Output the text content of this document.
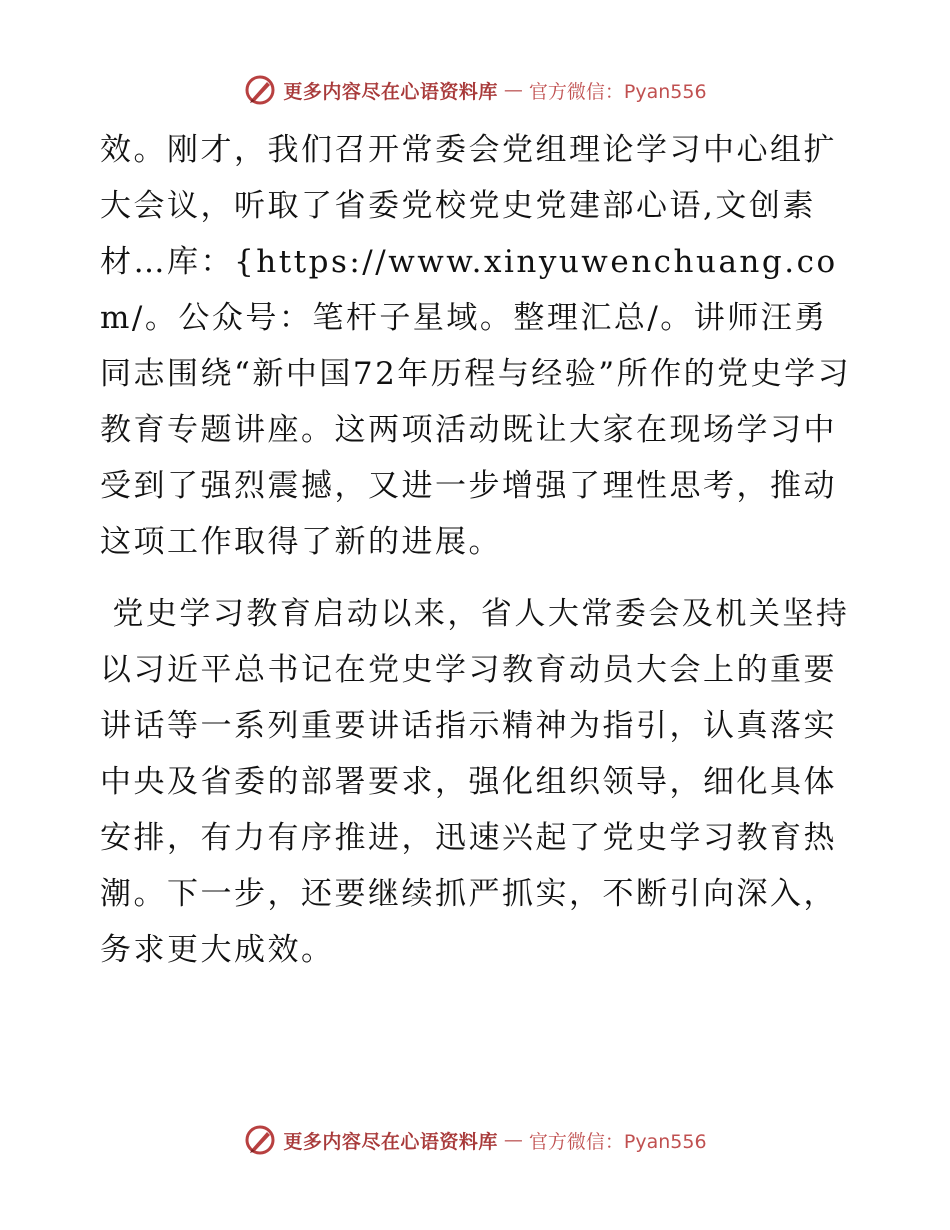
更多内容尽在心语资料库 — 官方微信：Pyan556

效。刚才，我们召开常委会党组理论学习中心组扩大会议，听取了省委党校党史党建部心语,文创素材…库：{https://www.xinyuwenchuang.com/。公众号：笔杆子星域。整理汇总/。讲师汪勇同志围绕“新中国72年历程与经验”所作的党史学习教育专题讲座。这两项活动既让大家在现场学习中受到了强烈震撼，又进一步增强了理性思考，推动这项工作取得了新的进展。

党史学习教育启动以来，省人大常委会及机关坚持以习近平总书记在党史学习教育动员大会上的重要讲话等一系列重要讲话指示精神为指引，认真落实中央及省委的部署要求，强化组织领导，细化具体安排，有力有序推进，迅速兴起了党史学习教育热潮。下一步，还要继续抓严抓实，不断引向深入，务求更大成效。

更多内容尽在心语资料库 — 官方微信：Pyan556
